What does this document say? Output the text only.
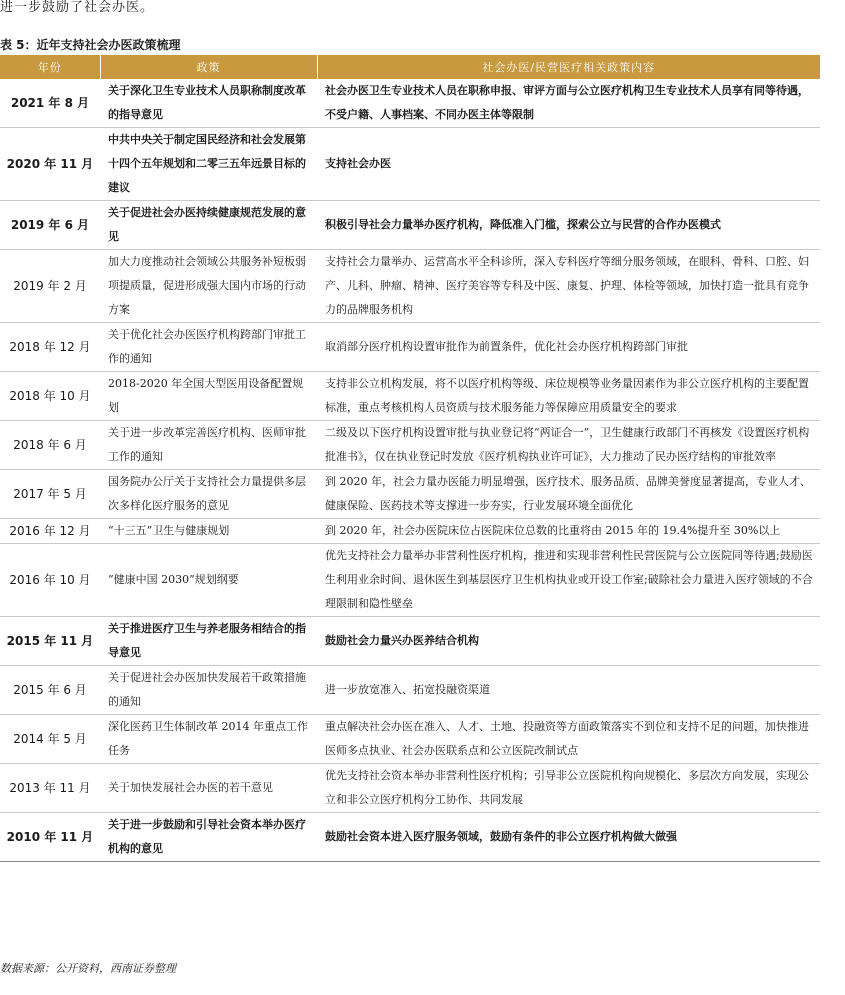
进一步鼓励了社会办医。
表 5：近年支持社会办医政策梳理
年份	政策	社会办医/民营医疗相关政策内容
2021 年 8 月	关于深化卫生专业技术人员职称制度改革的指导意见	社会办医卫生专业技术人员在职称申报、审评方面与公立医疗机构卫生专业技术人员享有同等待遇，不受户籍、人事档案、不同办医主体等限制
2020 年 11 月	中共中央关于制定国民经济和社会发展第十四个五年规划和二零三五年远景目标的建议	支持社会办医
2019 年 6 月	关于促进社会办医持续健康规范发展的意见	积极引导社会力量举办医疗机构，降低准入门槛，探索公立与民营的合作办医模式
2019 年 2 月	加大力度推动社会领域公共服务补短板弱项提质量，促进形成强大国内市场的行动方案	支持社会力量举办、运营高水平全科诊所，深入专科医疗等细分服务领域，在眼科、骨科、口腔、妇产、儿科、肿瘤、精神、医疗美容等专科及中医、康复、护理、体检等领域，加快打造一批具有竞争力的品牌服务机构
2018 年 12 月	关于优化社会办医医疗机构跨部门审批工作的通知	取消部分医疗机构设置审批作为前置条件，优化社会办医疗机构跨部门审批
2018 年 10 月	2018-2020 年全国大型医用设备配置规划	支持非公立机构发展，将不以医疗机构等级、床位规模等业务量因素作为非公立医疗机构的主要配置标准，重点考核机构人员资质与技术服务能力等保障应用质量安全的要求
2018 年 6 月	关于进一步改革完善医疗机构、医师审批工作的通知	二级及以下医疗机构设置审批与执业登记将“两证合一”，卫生健康行政部门不再核发《设置医疗机构批准书》，仅在执业登记时发放《医疗机构执业许可证》，大力推动了民办医疗结构的审批效率
2017 年 5 月	国务院办公厅关于支持社会力量提供多层次多样化医疗服务的意见	到 2020 年，社会力量办医能力明显增强，医疗技术、服务品质、品牌美誉度显著提高，专业人才、健康保险、医药技术等支撑进一步夯实，行业发展环境全面优化
2016 年 12 月	“十三五”卫生与健康规划	到 2020 年，社会办医院床位占医院床位总数的比重将由 2015 年的 19.4%提升至 30%以上
2016 年 10 月	“健康中国 2030”规划纲要	优先支持社会力量举办非营利性医疗机构，推进和实现非营利性民营医院与公立医院同等待遇;鼓励医生利用业余时间、退休医生到基层医疗卫生机构执业或开设工作室;破除社会力量进入医疗领域的不合理限制和隐性壁垒
2015 年 11 月	关于推进医疗卫生与养老服务相结合的指导意见	鼓励社会力量兴办医养结合机构
2015 年 6 月	关于促进社会办医加快发展若干政策措施的通知	进一步放宽准入、拓宽投融资渠道
2014 年 5 月	深化医药卫生体制改革 2014 年重点工作任务	重点解决社会办医在准入、人才、土地、投融资等方面政策落实不到位和支持不足的问题，加快推进医师多点执业、社会办医联系点和公立医院改制试点
2013 年 11 月	关于加快发展社会办医的若干意见	优先支持社会资本举办非营利性医疗机构；引导非公立医院机构向规模化、多层次方向发展，实现公立和非公立医疗机构分工协作、共同发展
2010 年 11 月	关于进一步鼓励和引导社会资本举办医疗机构的意见	鼓励社会资本进入医疗服务领域，鼓励有条件的非公立医疗机构做大做强
数据来源：公开资料，西南证券整理
